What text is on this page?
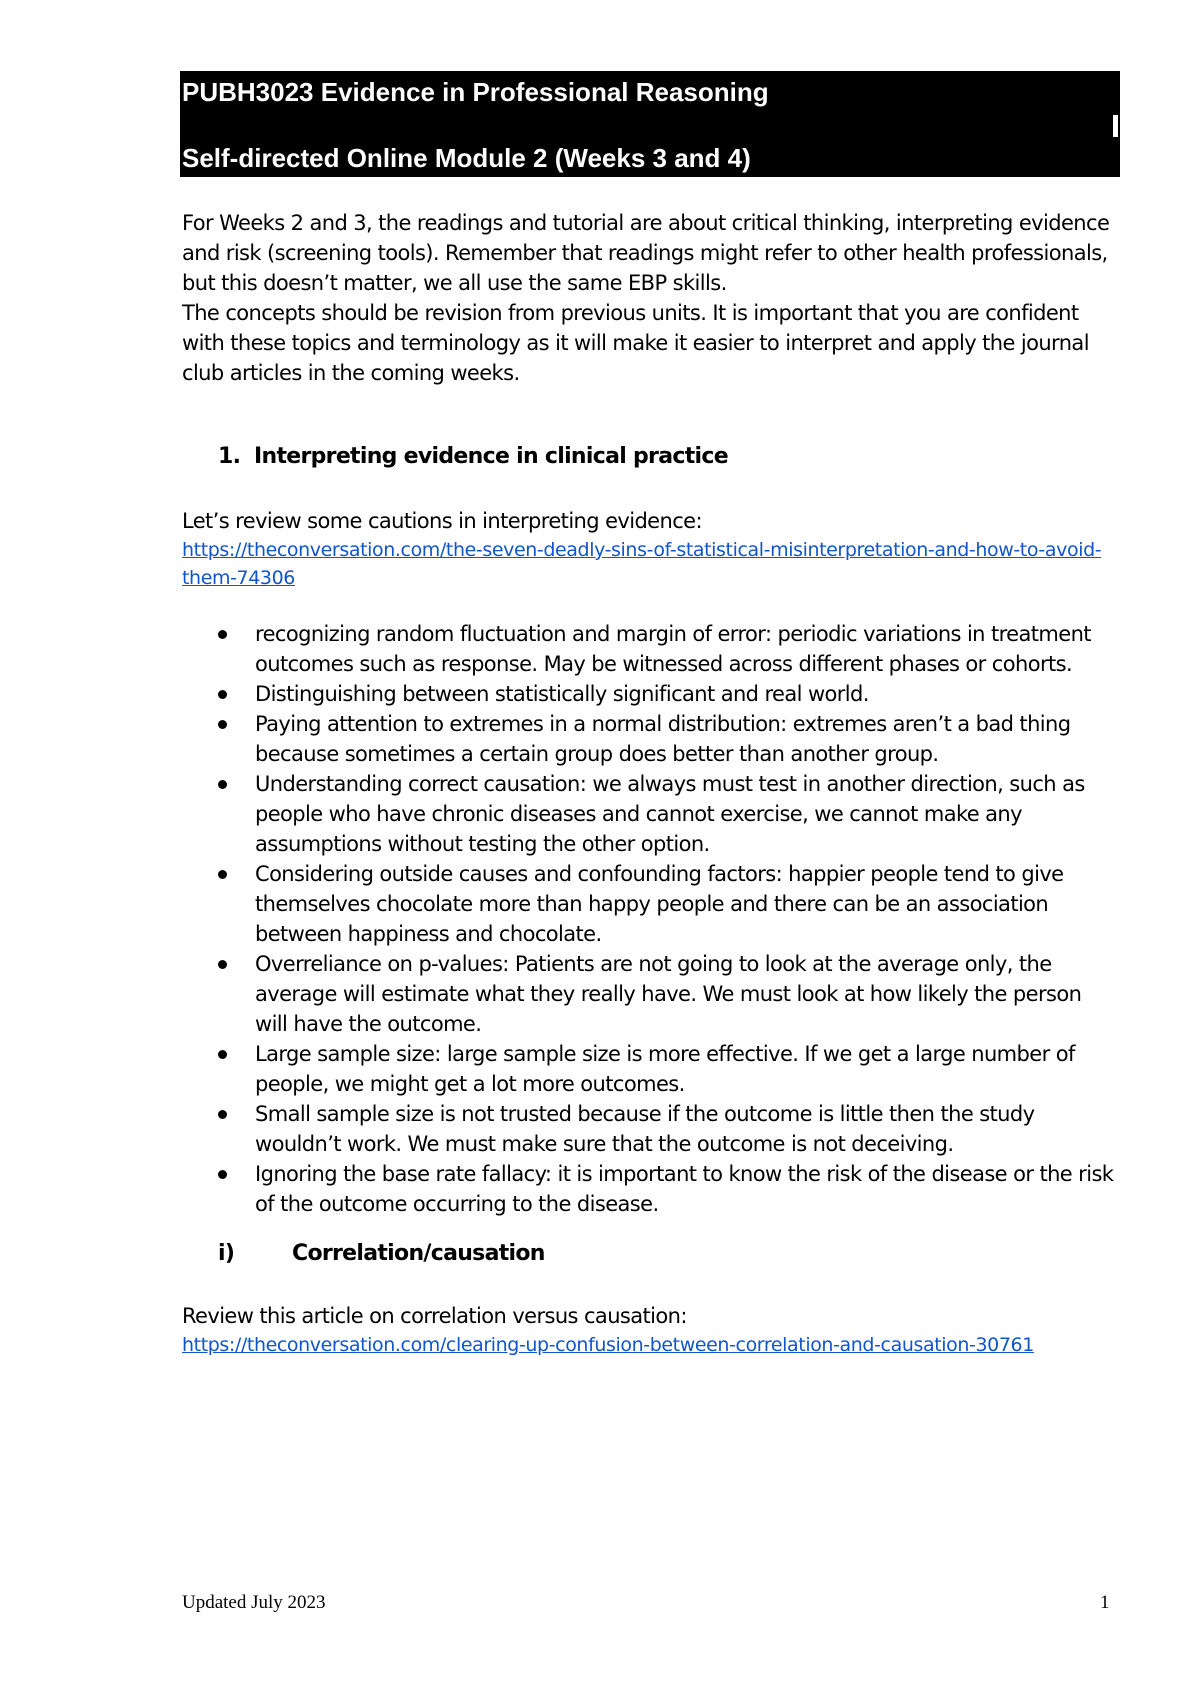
PUBH3023 Evidence in Professional Reasoning
Self-directed Online Module 2 (Weeks 3 and 4)

For Weeks 2 and 3, the readings and tutorial are about critical thinking, interpreting evidence and risk (screening tools). Remember that readings might refer to other health professionals, but this doesn’t matter, we all use the same EBP skills.

The concepts should be revision from previous units. It is important that you are confident with these topics and terminology as it will make it easier to interpret and apply the journal club articles in the coming weeks.

1. Interpreting evidence in clinical practice
Let’s review some cautions in interpreting evidence:
https://theconversation.com/the-seven-deadly-sins-of-statistical-misinterpretation-and-how-to-avoid-them-74306
recognizing random fluctuation and margin of error: periodic variations in treatment outcomes such as response. May be witnessed across different phases or cohorts.
Distinguishing between statistically significant and real world.
Paying attention to extremes in a normal distribution: extremes aren’t a bad thing because sometimes a certain group does better than another group.
Understanding correct causation: we always must test in another direction, such as people who have chronic diseases and cannot exercise, we cannot make any assumptions without testing the other option.
Considering outside causes and confounding factors: happier people tend to give themselves chocolate more than happy people and there can be an association between happiness and chocolate.
Overreliance on p-values: Patients are not going to look at the average only, the average will estimate what they really have. We must look at how likely the person will have the outcome.
Large sample size: large sample size is more effective. If we get a large number of people, we might get a lot more outcomes.
Small sample size is not trusted because if the outcome is little then the study wouldn’t work. We must make sure that the outcome is not deceiving.
Ignoring the base rate fallacy: it is important to know the risk of the disease or the risk of the outcome occurring to the disease.
i)	Correlation/causation
Review this article on correlation versus causation:
https://theconversation.com/clearing-up-confusion-between-correlation-and-causation-30761
Updated July 2023	1
